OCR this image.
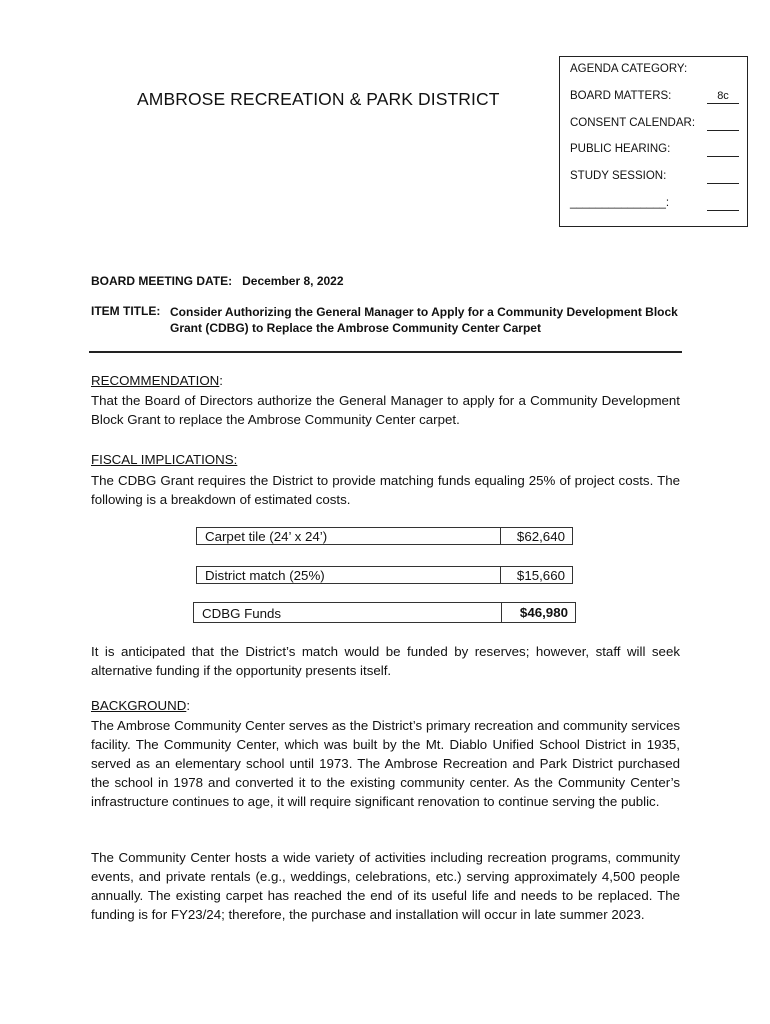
AMBROSE RECREATION & PARK DISTRICT
AGENDA CATEGORY:
BOARD MATTERS:	8c
CONSENT CALENDAR:
PUBLIC HEARING:
STUDY SESSION:
_______________:
BOARD MEETING DATE: December 8, 2022
ITEM TITLE: Consider Authorizing the General Manager to Apply for a Community Development Block Grant (CDBG) to Replace the Ambrose Community Center Carpet
RECOMMENDATION:
That the Board of Directors authorize the General Manager to apply for a Community Development Block Grant to replace the Ambrose Community Center carpet.
FISCAL IMPLICATIONS:
The CDBG Grant requires the District to provide matching funds equaling 25% of project costs. The following is a breakdown of estimated costs.
Carpet tile (24’ x 24’)	$62,640
District match (25%)	$15,660
CDBG Funds	$46,980
It is anticipated that the District’s match would be funded by reserves; however, staff will seek alternative funding if the opportunity presents itself.
BACKGROUND:
The Ambrose Community Center serves as the District’s primary recreation and community services facility. The Community Center, which was built by the Mt. Diablo Unified School District in 1935, served as an elementary school until 1973. The Ambrose Recreation and Park District purchased the school in 1978 and converted it to the existing community center. As the Community Center’s infrastructure continues to age, it will require significant renovation to continue serving the public.
The Community Center hosts a wide variety of activities including recreation programs, community events, and private rentals (e.g., weddings, celebrations, etc.) serving approximately 4,500 people annually. The existing carpet has reached the end of its useful life and needs to be replaced. The funding is for FY23/24; therefore, the purchase and installation will occur in late summer 2023.
